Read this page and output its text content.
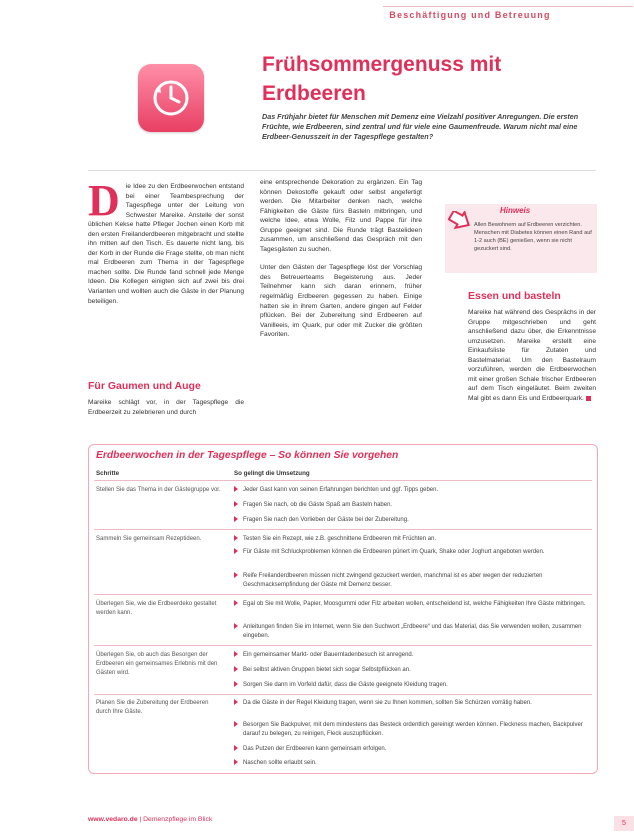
Beschäftigung und Betreuung
Frühsommergenuss mit
Erdbeeren
Das Frühjahr bietet für Menschen mit Demenz eine Vielzahl positiver Anregungen. Die ersten Früchte, wie Erdbeeren, sind zentral und für viele eine Gaumenfreude. Warum nicht mal eine Erdbeer-Genusszeit in der Tagespflege gestalten?
D ie Idee zu den Erdbeerwochen entstand bei einer Teambesprechung der Tagespflege unter der Leitung von Schwester Mareike. Anstelle der sonst üblichen Kekse hatte Pfleger Jochen einen Korb mit den ersten Freilanderdbeeren mitgebracht und stellte ihn mitten auf den Tisch. Es dauerte nicht lang, bis der Korb in der Runde die Frage stellte, ob man nicht mal Erdbeeren zum Thema in der Tagespflege machen sollte. Die Runde fand schnell jede Menge Ideen. Die Kollegen einigten sich auf zwei bis drei Varianten und wollten auch die Gäste in der Planung beteiligen.
Für Gaumen und Auge
Mareike schlägt vor, in der Tagespflege die Erdbeerzeit zu zelebrieren und durch

eine entsprechende Dekoration zu ergänzen. Ein Tag können Dekostoffe gekauft oder selbst angefertigt werden. Die Mitarbeiter denken nach, welche Fähigkeiten die Gäste fürs Basteln mitbringen, und welche Idee, etwa Wolle, Filz und Pappe für ihre Gruppe geeignet sind. Die Runde trägt Bastelideen zusammen, um anschließend das Gespräch mit den Tagesgästen zu suchen.

Unter den Gästen der Tagespflege löst der Vorschlag des Betreuerteams Begeisterung aus. Jeder Teilnehmer kann sich daran erinnern, früher regelmäßig Erdbeeren gegessen zu haben. Einige hatten sie in ihrem Garten, andere gingen auf Felder pflücken. Bei der Zubereitung sind Erdbeeren auf Vanilleeis, im Quark, pur oder mit Zucker die größten Favoriten.

Hinweis
Allen Bewohnern auf Erdbeeren verzichten. Menschen mit Diabetes können einen Rand auf 1-2 auch (BE) genießen, wenn sie nicht gezuckert sind.
Essen und basteln
Mareike hat während des Gesprächs in der Gruppe mitgeschrieben und geht anschließend dazu über, die Erkenntnisse umzusetzen. Mareike erstellt eine Einkaufsliste für Zutaten und Bastelmaterial. Um den Bastelraum vorzuführen, werden die Erdbeerwochen mit einer großen Schale frischer Erdbeeren auf dem Tisch eingeläutet. Beim zweiten Mal gibt es dann Eis und Erdbeerquark.
Erdbeerwochen in der Tagespflege – So können Sie vorgehen
Schritte	So gelingt die Umsetzung
Stellen Sie das Thema in der Gästegruppe vor.	Jeder Gast kann von seinen Erfahrungen berichten und ggf. Tipps geben.
Fragen Sie nach, ob die Gäste Spaß am Basteln haben.
Fragen Sie nach den Vorlieben der Gäste bei der Zubereitung.
Sammeln Sie gemeinsam Rezeptideen.	Testen Sie ein Rezept, wie z.B. geschnittene Erdbeeren mit Früchten an.
Für Gäste mit Schluckproblemen können die Erdbeeren püriert im Quark, Shake oder Joghurt angeboten werden.
Reife Freilanderdbeeren müssen nicht zwingend gezuckert werden, manchmal ist es aber wegen der reduzierten Geschmacksempfindung der Gäste mit Demenz besser.
Überlegen Sie, wie die Erdbeerdeko gestaltet werden kann.
Egal ob Sie mit Wolle, Papier, Moosgummi oder Filz arbeiten wollen, entscheidend ist, welche Fähigkeiten Ihre Gäste mitbringen.
Anleitungen finden Sie im Internet, wenn Sie den Suchwort „Erdbeere“ und das Material, das Sie verwenden wollen, zusammen eingeben.
Überlegen Sie, ob auch das Besorgen der Erdbeeren ein gemeinsames Erlebnis mit den Gästen wird.
Ein gemeinsamer Markt- oder Bauernladenbesuch ist anregend.
Bei selbst aktiven Gruppen bietet sich sogar Selbstpflücken an.
Sorgen Sie dann im Vorfeld dafür, dass die Gäste geeignete Kleidung tragen.
Planen Sie die Zubereitung der Erdbeeren durch Ihre Gäste.
Da die Gäste in der Regel Kleidung tragen, wenn sie zu Ihnen kommen, sollten Sie Schürzen vorrätig haben.
Besorgen Sie Backpulver, mit dem mindestens das Besteck ordentlich gereinigt werden können. Fleckness machen, Backpulver darauf zu belegen, zu reinigen, Fleck auszupflücken.
Das Putzen der Erdbeeren kann gemeinsam erfolgen.
Naschen sollte erlaubt sein.
www.vedaro.de | Demenzpflege im Blick
5
